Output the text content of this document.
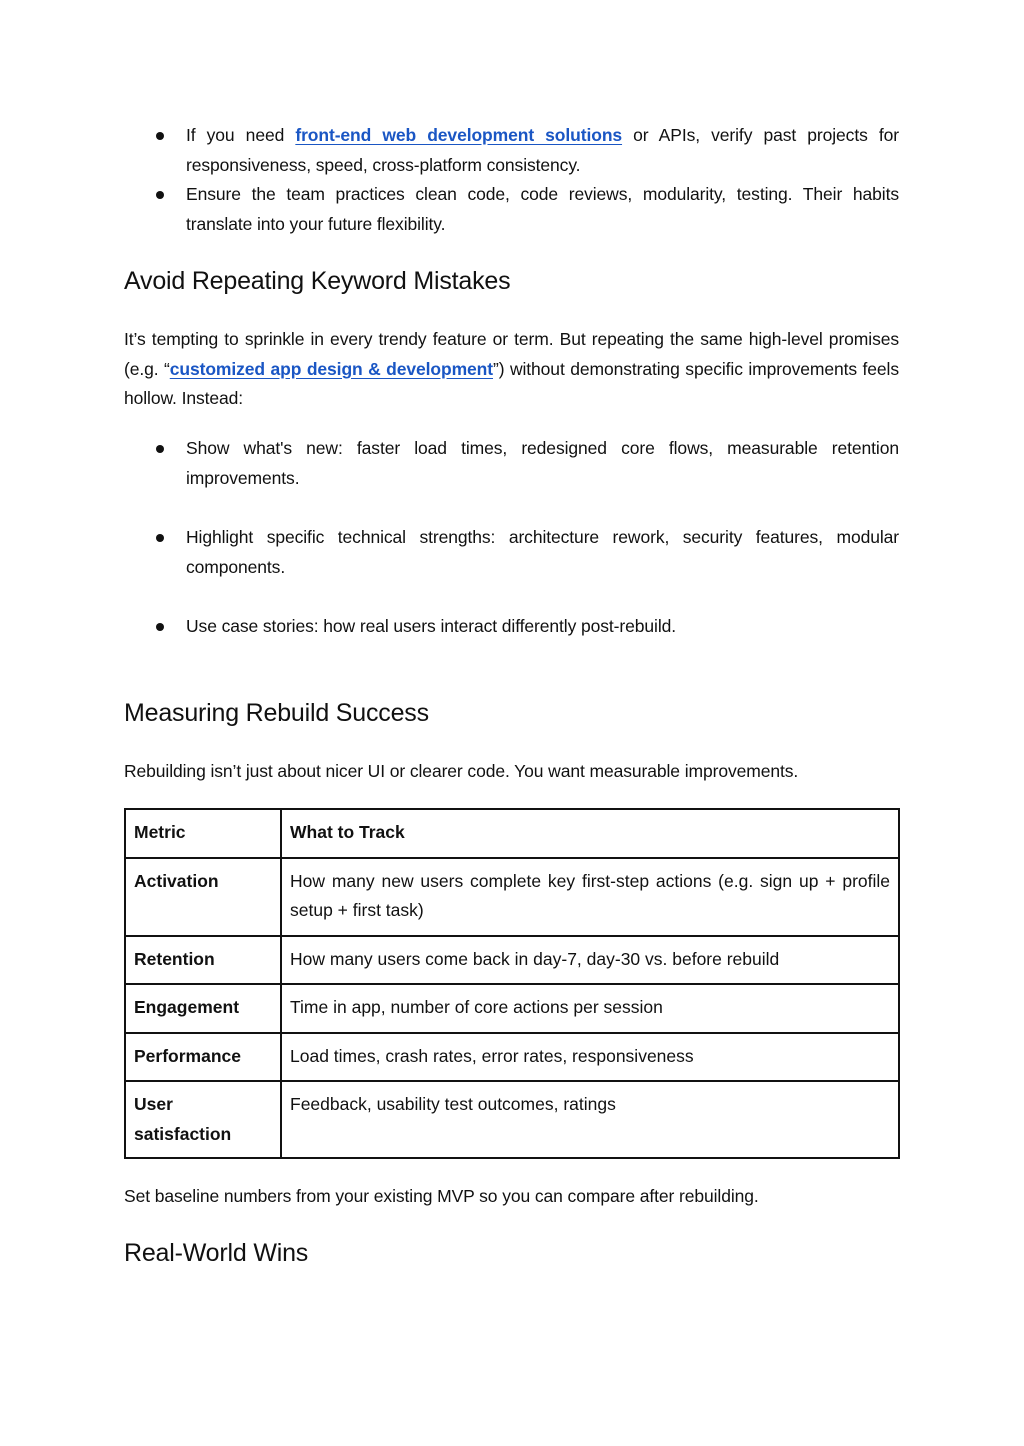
If you need front-end web development solutions or APIs, verify past projects for responsiveness, speed, cross-platform consistency.
Ensure the team practices clean code, code reviews, modularity, testing. Their habits translate into your future flexibility.
Avoid Repeating Keyword Mistakes

It’s tempting to sprinkle in every trendy feature or term. But repeating the same high-level promises (e.g. “customized app design & development”) without demonstrating specific improvements feels hollow. Instead:

Show what's new: faster load times, redesigned core flows, measurable retention improvements.
Highlight specific technical strengths: architecture rework, security features, modular components.
Use case stories: how real users interact differently post-rebuild.
Measuring Rebuild Success

Rebuilding isn’t just about nicer UI or clearer code. You want measurable improvements.

Metric	What to Track
Activation	How many new users complete key first-step actions (e.g. sign up + profile setup + first task)
Retention	How many users come back in day-7, day-30 vs. before rebuild
Engagement	Time in app, number of core actions per session
Performance	Load times, crash rates, error rates, responsiveness
User satisfaction	Feedback, usability test outcomes, ratings

Set baseline numbers from your existing MVP so you can compare after rebuilding.

Real-World Wins
